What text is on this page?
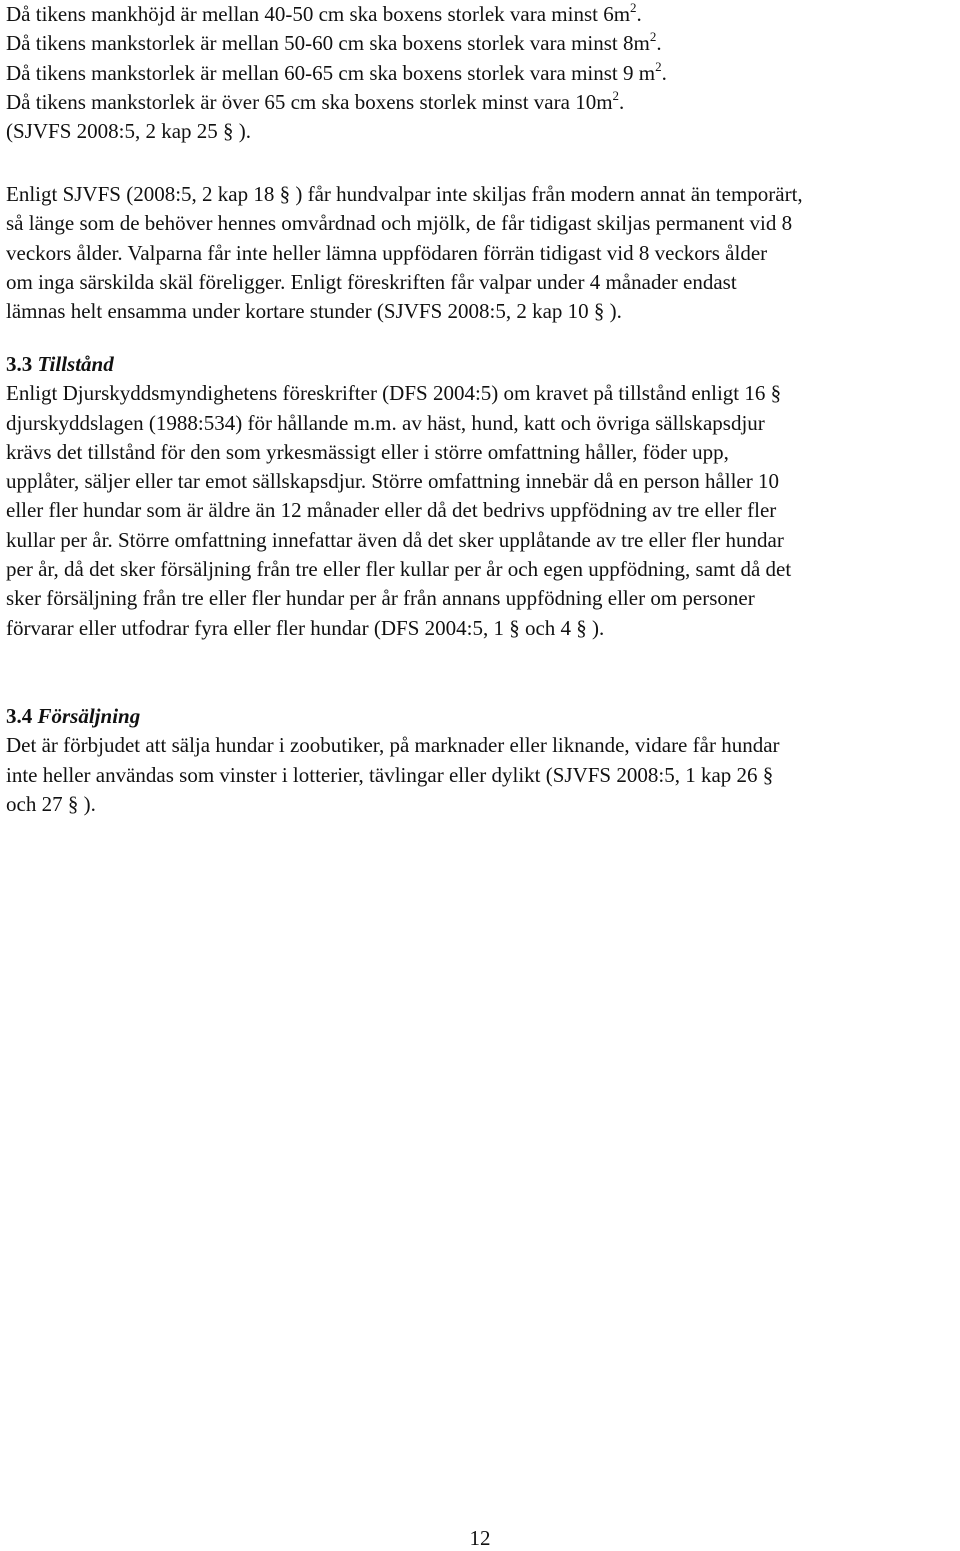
Då tikens mankhöjd är mellan 40-50 cm ska boxens storlek vara minst $6m^2$.
Då tikens mankstorlek är mellan 50-60 cm ska boxens storlek vara minst $8m^2$.
Då tikens mankstorlek är mellan 60-65 cm ska boxens storlek vara minst 9 $m^2$.
Då tikens mankstorlek är över 65 cm ska boxens storlek minst vara $10m^2$.
(SJVFS 2008:5, 2 kap 25 § ).
Enligt SJVFS (2008:5, 2 kap 18 § ) får hundvalpar inte skiljas från modern annat än temporärt,
så länge som de behöver hennes omvårdnad och mjölk, de får tidigast skiljas permanent vid 8
veckors ålder. Valparna får inte heller lämna uppfödaren förrän tidigast vid 8 veckors ålder
om inga särskilda skäl föreligger. Enligt föreskriften får valpar under 4 månader endast
lämnas helt ensamma under kortare stunder (SJVFS 2008:5, 2 kap 10 § ).
3.3 Tillstånd
Enligt Djurskyddsmyndighetens föreskrifter (DFS 2004:5) om kravet på tillstånd enligt 16 §
djurskyddslagen (1988:534) för hållande m.m. av häst, hund, katt och övriga sällskapsdjur
krävs det tillstånd för den som yrkesmässigt eller i större omfattning håller, föder upp,
upplåter, säljer eller tar emot sällskapsdjur. Större omfattning innebär då en person håller 10
eller fler hundar som är äldre än 12 månader eller då det bedrivs uppfödning av tre eller fler
kullar per år. Större omfattning innefattar även då det sker upplåtande av tre eller fler hundar
per år, då det sker försäljning från tre eller fler kullar per år och egen uppfödning, samt då det
sker försäljning från tre eller fler hundar per år från annans uppfödning eller om personer
förvarar eller utfodrar fyra eller fler hundar (DFS 2004:5, 1 § och 4 § ).
3.4 Försäljning
Det är förbjudet att sälja hundar i zoobutiker, på marknader eller liknande, vidare får hundar
inte heller användas som vinster i lotterier, tävlingar eller dylikt (SJVFS 2008:5, 1 kap 26 §
och 27 § ).
12
